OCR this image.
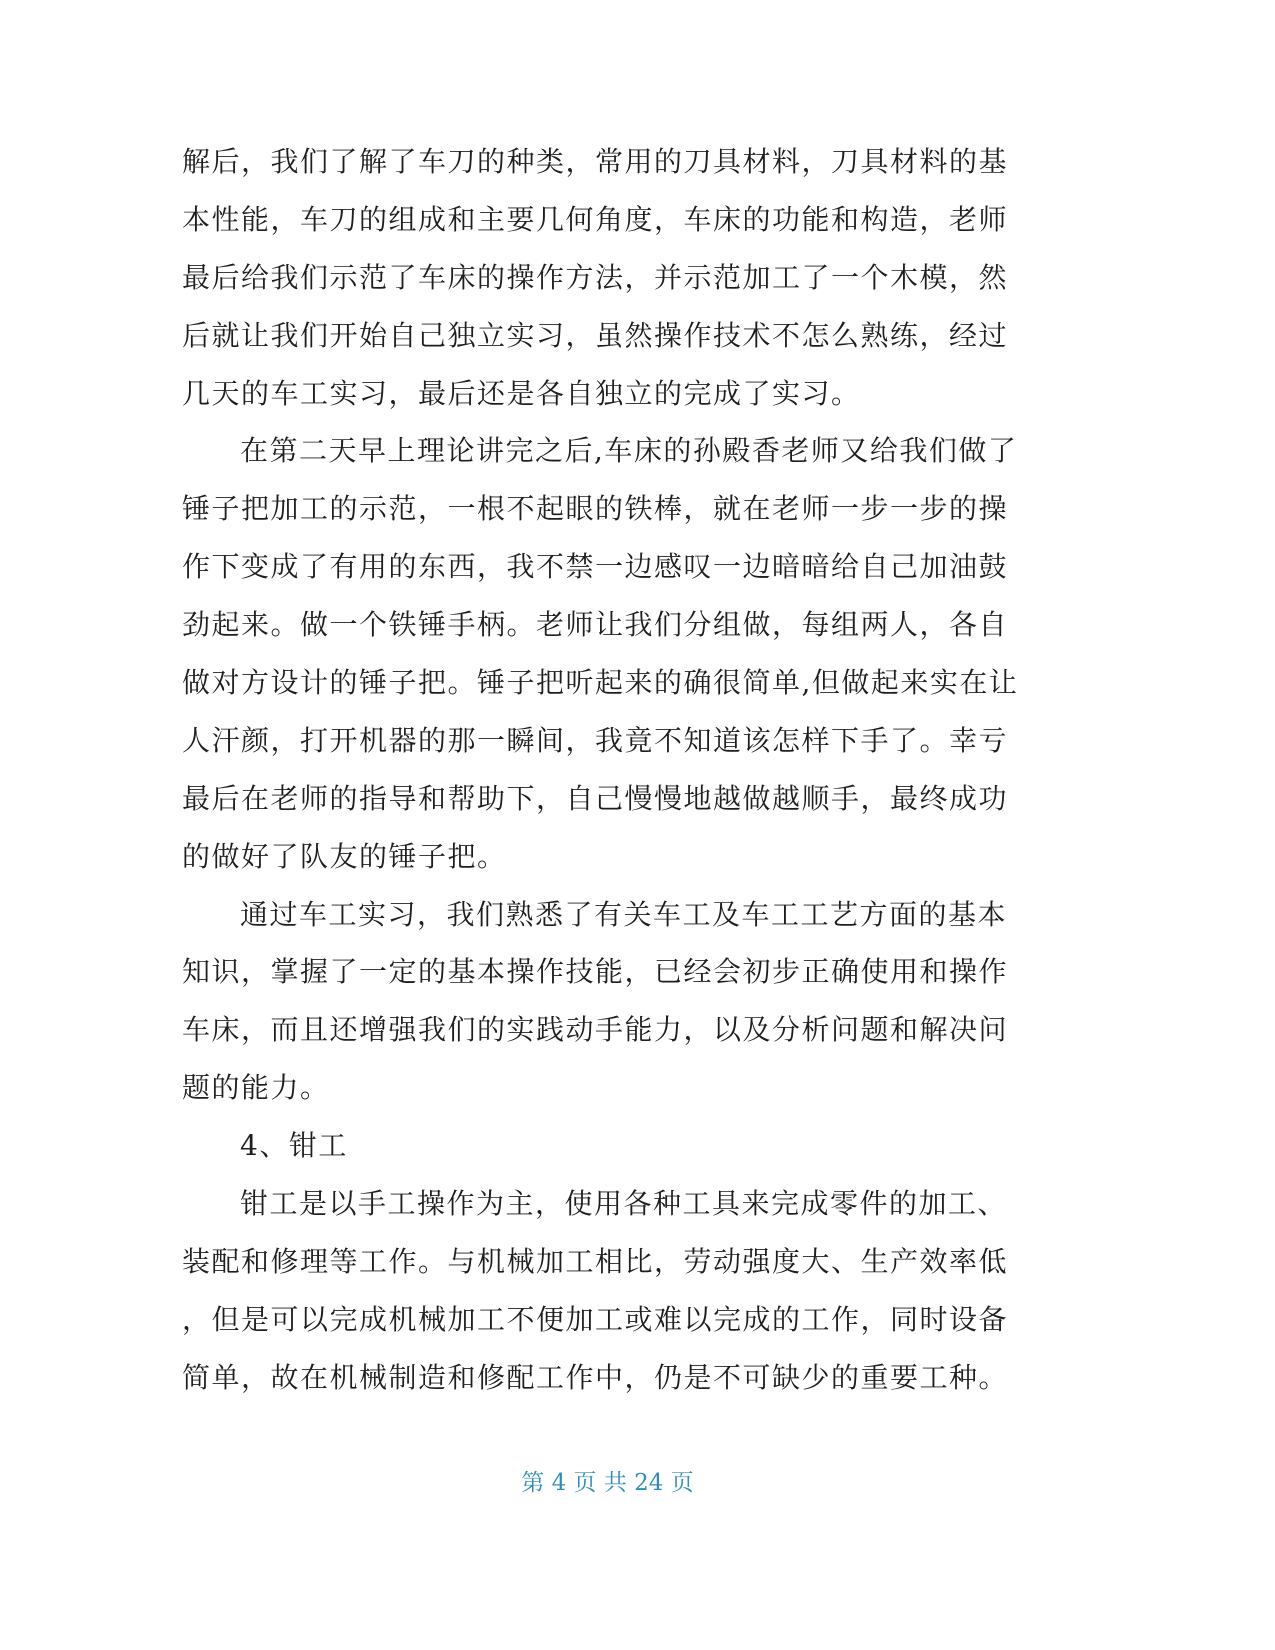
解后，我们了解了车刀的种类，常用的刀具材料，刀具材料的基
本性能，车刀的组成和主要几何角度，车床的功能和构造，老师
最后给我们示范了车床的操作方法，并示范加工了一个木模，然
后就让我们开始自己独立实习，虽然操作技术不怎么熟练，经过
几天的车工实习，最后还是各自独立的完成了实习。
在第二天早上理论讲完之后,车床的孙殿香老师又给我们做了
锤子把加工的示范，一根不起眼的铁棒，就在老师一步一步的操
作下变成了有用的东西，我不禁一边感叹一边暗暗给自己加油鼓
劲起来。做一个铁锤手柄。老师让我们分组做，每组两人，各自
做对方设计的锤子把。锤子把听起来的确很简单,但做起来实在让
人汗颜，打开机器的那一瞬间，我竟不知道该怎样下手了。幸亏
最后在老师的指导和帮助下，自己慢慢地越做越顺手，最终成功
的做好了队友的锤子把。
通过车工实习，我们熟悉了有关车工及车工工艺方面的基本
知识，掌握了一定的基本操作技能，已经会初步正确使用和操作
车床，而且还增强我们的实践动手能力，以及分析问题和解决问
题的能力。
4、钳工
钳工是以手工操作为主，使用各种工具来完成零件的加工、
装配和修理等工作。与机械加工相比，劳动强度大、生产效率低
，但是可以完成机械加工不便加工或难以完成的工作，同时设备
简单，故在机械制造和修配工作中，仍是不可缺少的重要工种。
第 4 页 共 24 页
